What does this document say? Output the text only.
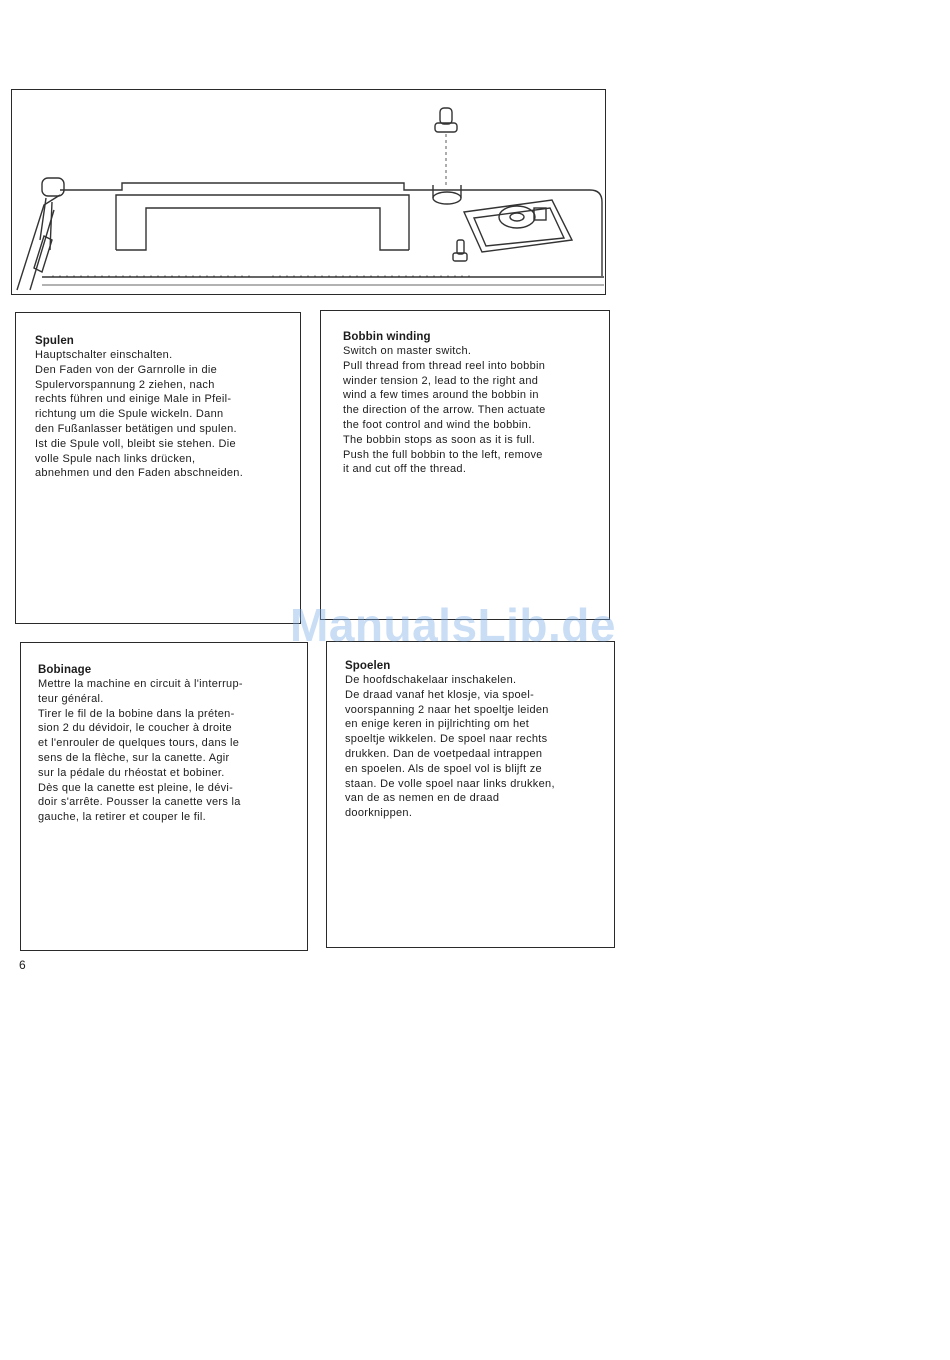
Spulen

Hauptschalter einschalten.
Den Faden von der Garnrolle in die
Spulervorspannung 2 ziehen, nach
rechts führen und einige Male in Pfeil-
richtung um die Spule wickeln. Dann
den Fußanlasser betätigen und spulen.
Ist die Spule voll, bleibt sie stehen. Die
volle Spule nach links drücken,
abnehmen und den Faden abschneiden.

Bobbin winding

Switch on master switch.
Pull thread from thread reel into bobbin
winder tension 2, lead to the right and
wind a few times around the bobbin in
the direction of the arrow. Then actuate
the foot control and wind the bobbin.
The bobbin stops as soon as it is full.
Push the full bobbin to the left, remove
it and cut off the thread.

Bobinage

Mettre la machine en circuit à l'interrup-
teur général.
Tirer le fil de la bobine dans la préten-
sion 2 du dévidoir, le coucher à droite
et l'enrouler de quelques tours, dans le
sens de la flèche, sur la canette. Agir
sur la pédale du rhéostat et bobiner.
Dès que la canette est pleine, le dévi-
doir s'arrête. Pousser la canette vers la
gauche, la retirer et couper le fil.

Spoelen

De hoofdschakelaar inschakelen.
De draad vanaf het klosje, via spoel-
voorspanning 2 naar het spoeltje leiden
en enige keren in pijlrichting om het
spoeltje wikkelen. De spoel naar rechts
drukken. Dan de voetpedaal intrappen
en spoelen. Als de spoel vol is blijft ze
staan. De volle spoel naar links drukken,
van de as nemen en de draad
doorknippen.

6
ManualsLib.de
